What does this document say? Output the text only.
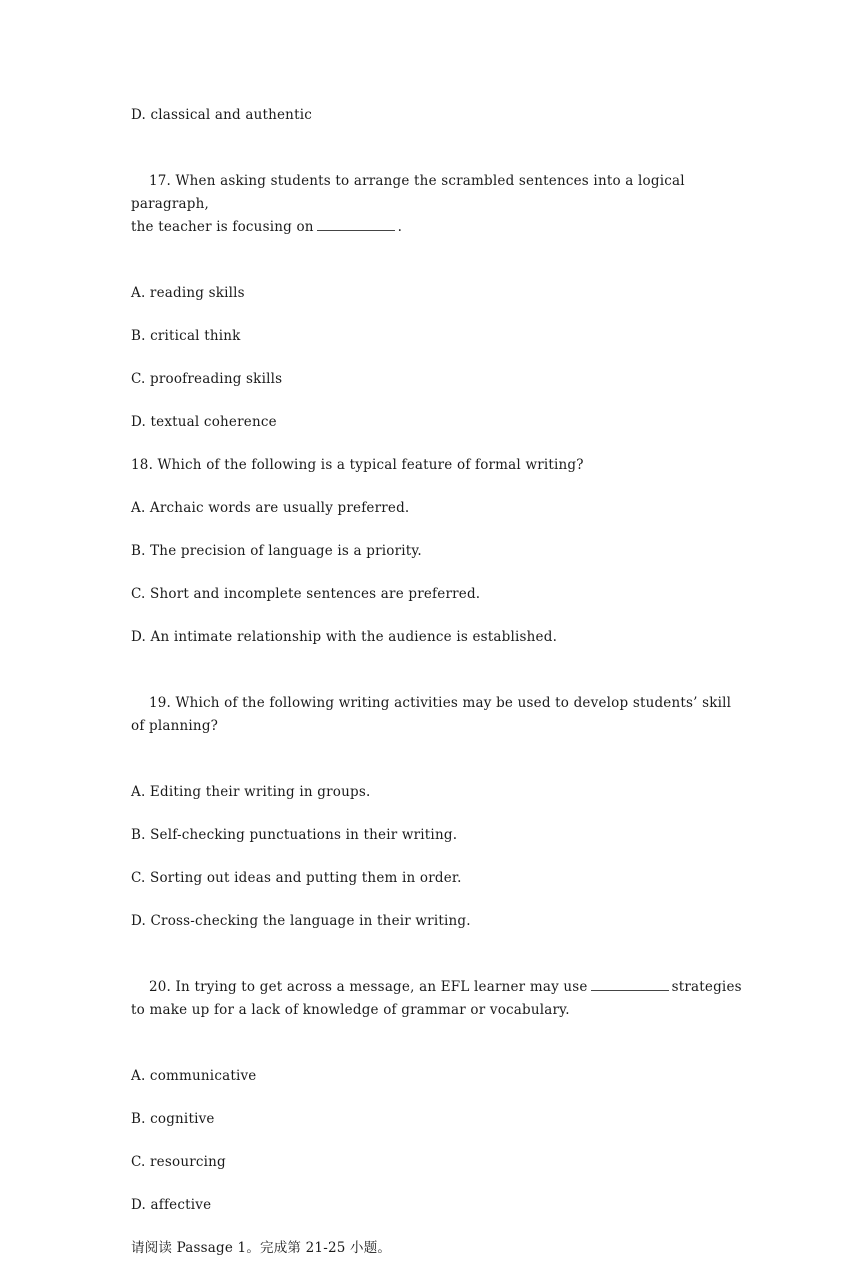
D. classical and authentic

17. When asking students to arrange the scrambled sentences into a logical paragraph,
the teacher is focusing on	.

A. reading skills

B. critical think

C. proofreading skills

D. textual coherence

18. Which of the following is a typical feature of formal writing?

A. Archaic words are usually preferred.

B. The precision of language is a priority.

C. Short and incomplete sentences are preferred.

D. An intimate relationship with the audience is established.

19. Which of the following writing activities may be used to develop students’ skill
of planning?

A. Editing their writing in groups.

B. Self-checking punctuations in their writing.

C. Sorting out ideas and putting them in order.

D. Cross-checking the language in their writing.

20. In trying to get across a message, an EFL learner may use	strategies
to make up for a lack of knowledge of grammar or vocabulary.

A. communicative

B. cognitive

C. resourcing

D. affective

请阅读 Passage 1。完成第 21-25 小题。
